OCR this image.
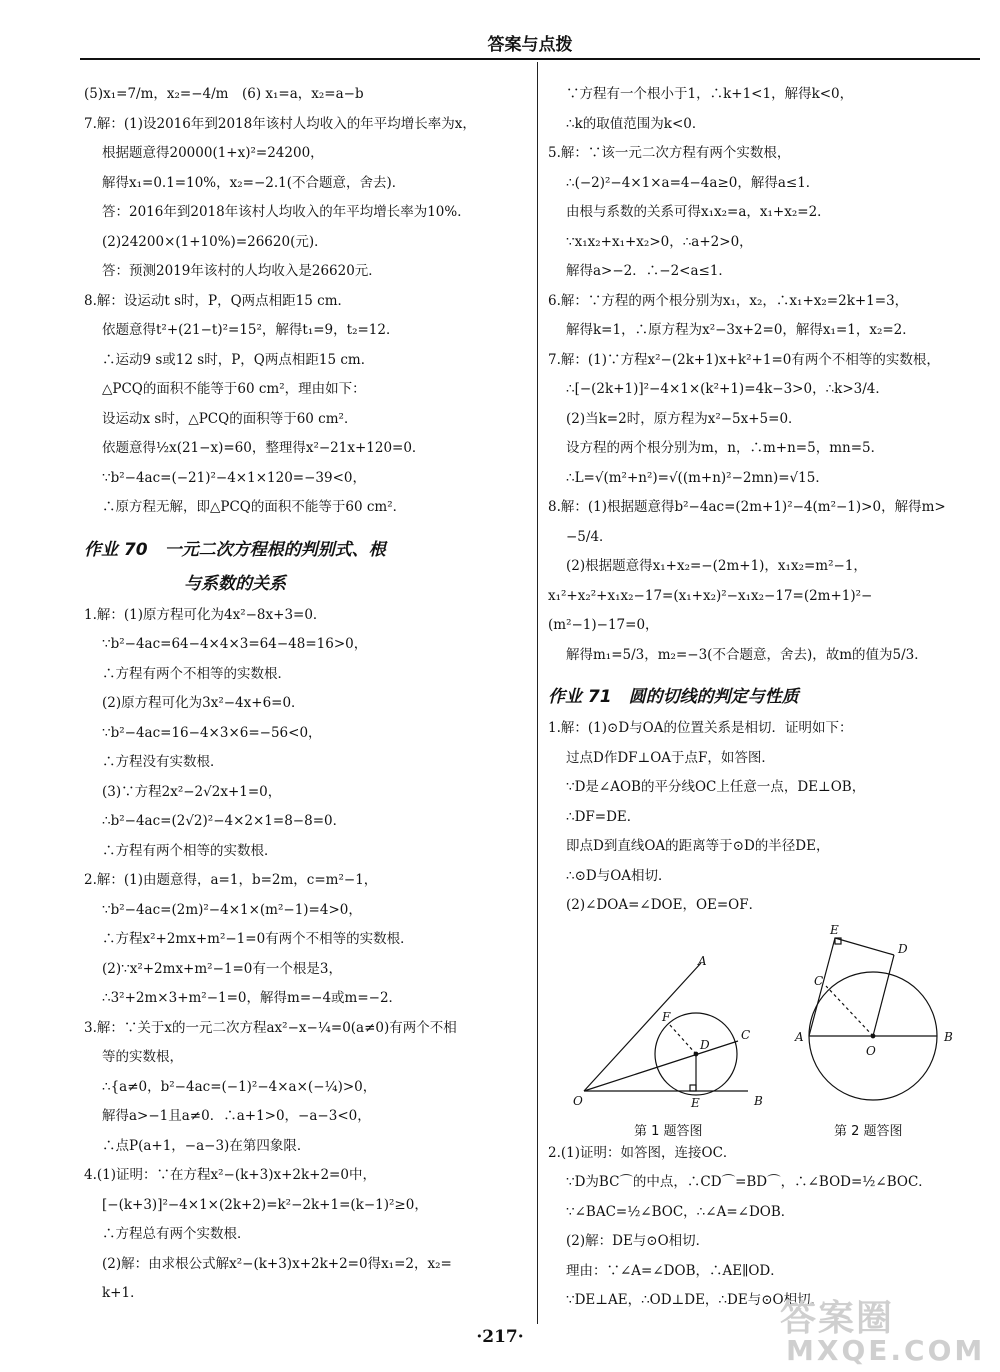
答案与点拨
(5)x₁=7/m，x₂=−4/m　(6) x₁=a，x₂=a−b
7.解：(1)设2016年到2018年该村人均收入的年平均增长率为x，
根据题意得20000(1+x)²=24200，
解得x₁=0.1=10%，x₂=−2.1(不合题意，舍去)．
答：2016年到2018年该村人均收入的年平均增长率为10%．
(2)24200×(1+10%)=26620(元)．
答：预测2019年该村的人均收入是26620元．
8.解：设运动t s时，P，Q两点相距15 cm．
依题意得t²+(21−t)²=15²，解得t₁=9，t₂=12．
∴运动9 s或12 s时，P，Q两点相距15 cm．
△PCQ的面积不能等于60 cm²，理由如下：
设运动x s时，△PCQ的面积等于60 cm²．
依题意得½x(21−x)=60，整理得x²−21x+120=0．
∵b²−4ac=(−21)²−4×1×120=−39<0，
∴原方程无解，即△PCQ的面积不能等于60 cm²．
作业 70　一元二次方程根的判别式、根
与系数的关系
1.解：(1)原方程可化为4x²−8x+3=0．
∵b²−4ac=64−4×4×3=64−48=16>0，
∴方程有两个不相等的实数根．
(2)原方程可化为3x²−4x+6=0．
∵b²−4ac=16−4×3×6=−56<0，
∴方程没有实数根．
(3)∵方程2x²−2√2x+1=0，
∴b²−4ac=(2√2)²−4×2×1=8−8=0．
∴方程有两个相等的实数根．
2.解：(1)由题意得，a=1，b=2m，c=m²−1，
∵b²−4ac=(2m)²−4×1×(m²−1)=4>0，
∴方程x²+2mx+m²−1=0有两个不相等的实数根．
(2)∵x²+2mx+m²−1=0有一个根是3，
∴3²+2m×3+m²−1=0，解得m=−4或m=−2．
3.解：∵关于x的一元二次方程ax²−x−¼=0(a≠0)有两个不相
等的实数根，
∴{a≠0，b²−4ac=(−1)²−4×a×(−¼)>0，
解得a>−1且a≠0．∴a+1>0，−a−3<0，
∴点P(a+1，−a−3)在第四象限．
4.(1)证明：∵在方程x²−(k+3)x+2k+2=0中，
[−(k+3)]²−4×1×(2k+2)=k²−2k+1=(k−1)²≥0，
∴方程总有两个实数根．
(2)解：由求根公式解x²−(k+3)x+2k+2=0得x₁=2，x₂=
k+1．
∵方程有一个根小于1，∴k+1<1，解得k<0，
∴k的取值范围为k<0．
5.解：∵该一元二次方程有两个实数根，
∴(−2)²−4×1×a=4−4a≥0，解得a≤1．
由根与系数的关系可得x₁x₂=a，x₁+x₂=2．
∵x₁x₂+x₁+x₂>0，∴a+2>0，
解得a>−2．∴−2<a≤1．
6.解：∵方程的两个根分别为x₁，x₂，∴x₁+x₂=2k+1=3，
解得k=1，∴原方程为x²−3x+2=0，解得x₁=1，x₂=2．
7.解：(1)∵方程x²−(2k+1)x+k²+1=0有两个不相等的实数根，
∴[−(2k+1)]²−4×1×(k²+1)=4k−3>0，∴k>3/4．
(2)当k=2时，原方程为x²−5x+5=0．
设方程的两个根分别为m，n，∴m+n=5，mn=5．
∴L=√(m²+n²)=√((m+n)²−2mn)=√15．
8.解：(1)根据题意得b²−4ac=(2m+1)²−4(m²−1)>0，解得m>
−5/4．
(2)根据题意得x₁+x₂=−(2m+1)，x₁x₂=m²−1，
x₁²+x₂²+x₁x₂−17=(x₁+x₂)²−x₁x₂−17=(2m+1)²−
(m²−1)−17=0，
解得m₁=5/3，m₂=−3(不合题意，舍去)，故m的值为5/3．
作业 71　圆的切线的判定与性质
1.解：(1)⊙D与OA的位置关系是相切．证明如下：
过点D作DF⊥OA于点F，如答图．
∵D是∠AOB的平分线OC上任意一点，DE⊥OB，
∴DF=DE．
即点D到直线OA的距离等于⊙D的半径DE，
∴⊙D与OA相切．
(2)∠DOA=∠DOE，OE=OF．
A
F
D
C
O	E	B
E
D
C
A
O
B
第 1 题答图	第 2 题答图
2.(1)证明：如答图，连接OC．
∵D为BC⌒的中点，∴CD⌒=BD⌒，∴∠BOD=½∠BOC．
∵∠BAC=½∠BOC，∴∠A=∠DOB．
(2)解：DE与⊙O相切．
理由：∵∠A=∠DOB，∴AE∥OD．
∵DE⊥AE，∴OD⊥DE，∴DE与⊙O相切．
·217·	答案圈
MXQE.COM
